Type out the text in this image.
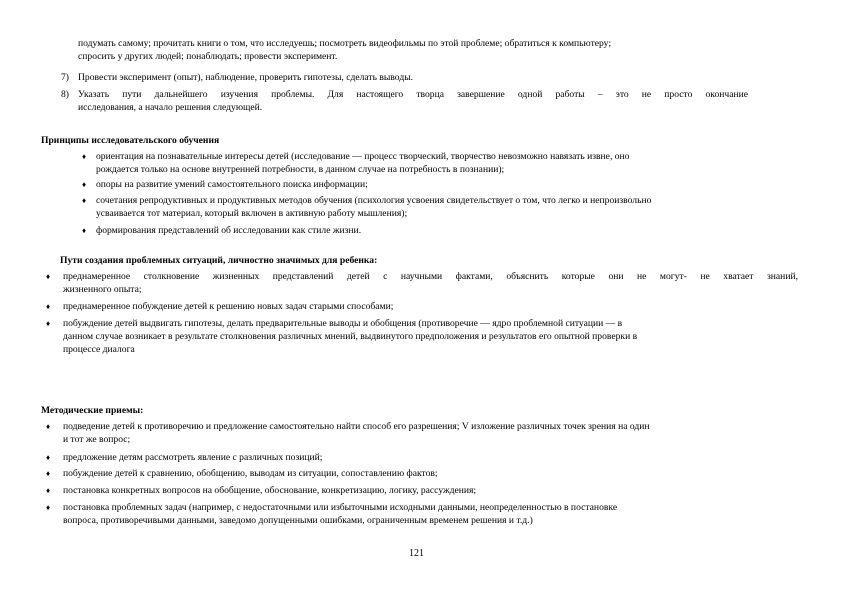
подумать самому; прочитать книги о том, что исследуешь; посмотреть видеофильмы по этой проблеме; обратиться к компьютеру;
спросить у других людей; понаблюдать; провести эксперимент.
7) Провести эксперимент (опыт), наблюдение, проверить гипотезы, сделать выводы.
8) Указать пути дальнейшего изучения проблемы. Для настоящего творца завершение одной работы – это не просто окончание
исследования, а начало решения следующей.
Принципы исследовательского обучения
♦ ориентация на познавательные интересы детей (исследование — процесс творческий, творчество невозможно навязать извне, оно
рождается только на основе внутренней потребности, в данном случае на потребность в познании);
♦ опоры на развитие умений самостоятельного поиска информации;
♦ сочетания репродуктивных и продуктивных методов обучения (психология усвоения свидетельствует о том, что легко и непроизвольно
усваивается тот материал, который включен в активную работу мышления);
♦ формирования представлений об исследовании как стиле жизни.
Пути создания проблемных ситуаций, личностно значимых для ребенка:
♦ преднамеренное столкновение жизненных представлений детей с научными фактами, объяснить которые они не могут- не хватает знаний,
жизненного опыта;
♦ преднамеренное побуждение детей к решению новых задач старыми способами;
♦ побуждение детей выдвигать гипотезы, делать предварительные выводы и обобщения (противоречие — ядро проблемной ситуации — в
данном случае возникает в результате столкновения различных мнений, выдвинутого предположения и результатов его опытной проверки в
процессе диалога
Методические приемы:
♦ подведение детей к противоречию и предложение самостоятельно найти способ его разрешения; V изложение различных точек зрения на один
и тот же вопрос;
♦ предложение детям рассмотреть явление с различных позиций;
♦ побуждение детей к сравнению, обобщению, выводам из ситуации, сопоставлению фактов;
♦ постановка конкретных вопросов на обобщение, обоснование, конкретизацию, логику, рассуждения;
♦ постановка проблемных задач (например, с недостаточными или избыточными исходными данными, неопределенностью в постановке
вопроса, противоречивыми данными, заведомо допущенными ошибками, ограниченным временем решения и т.д.)
121
